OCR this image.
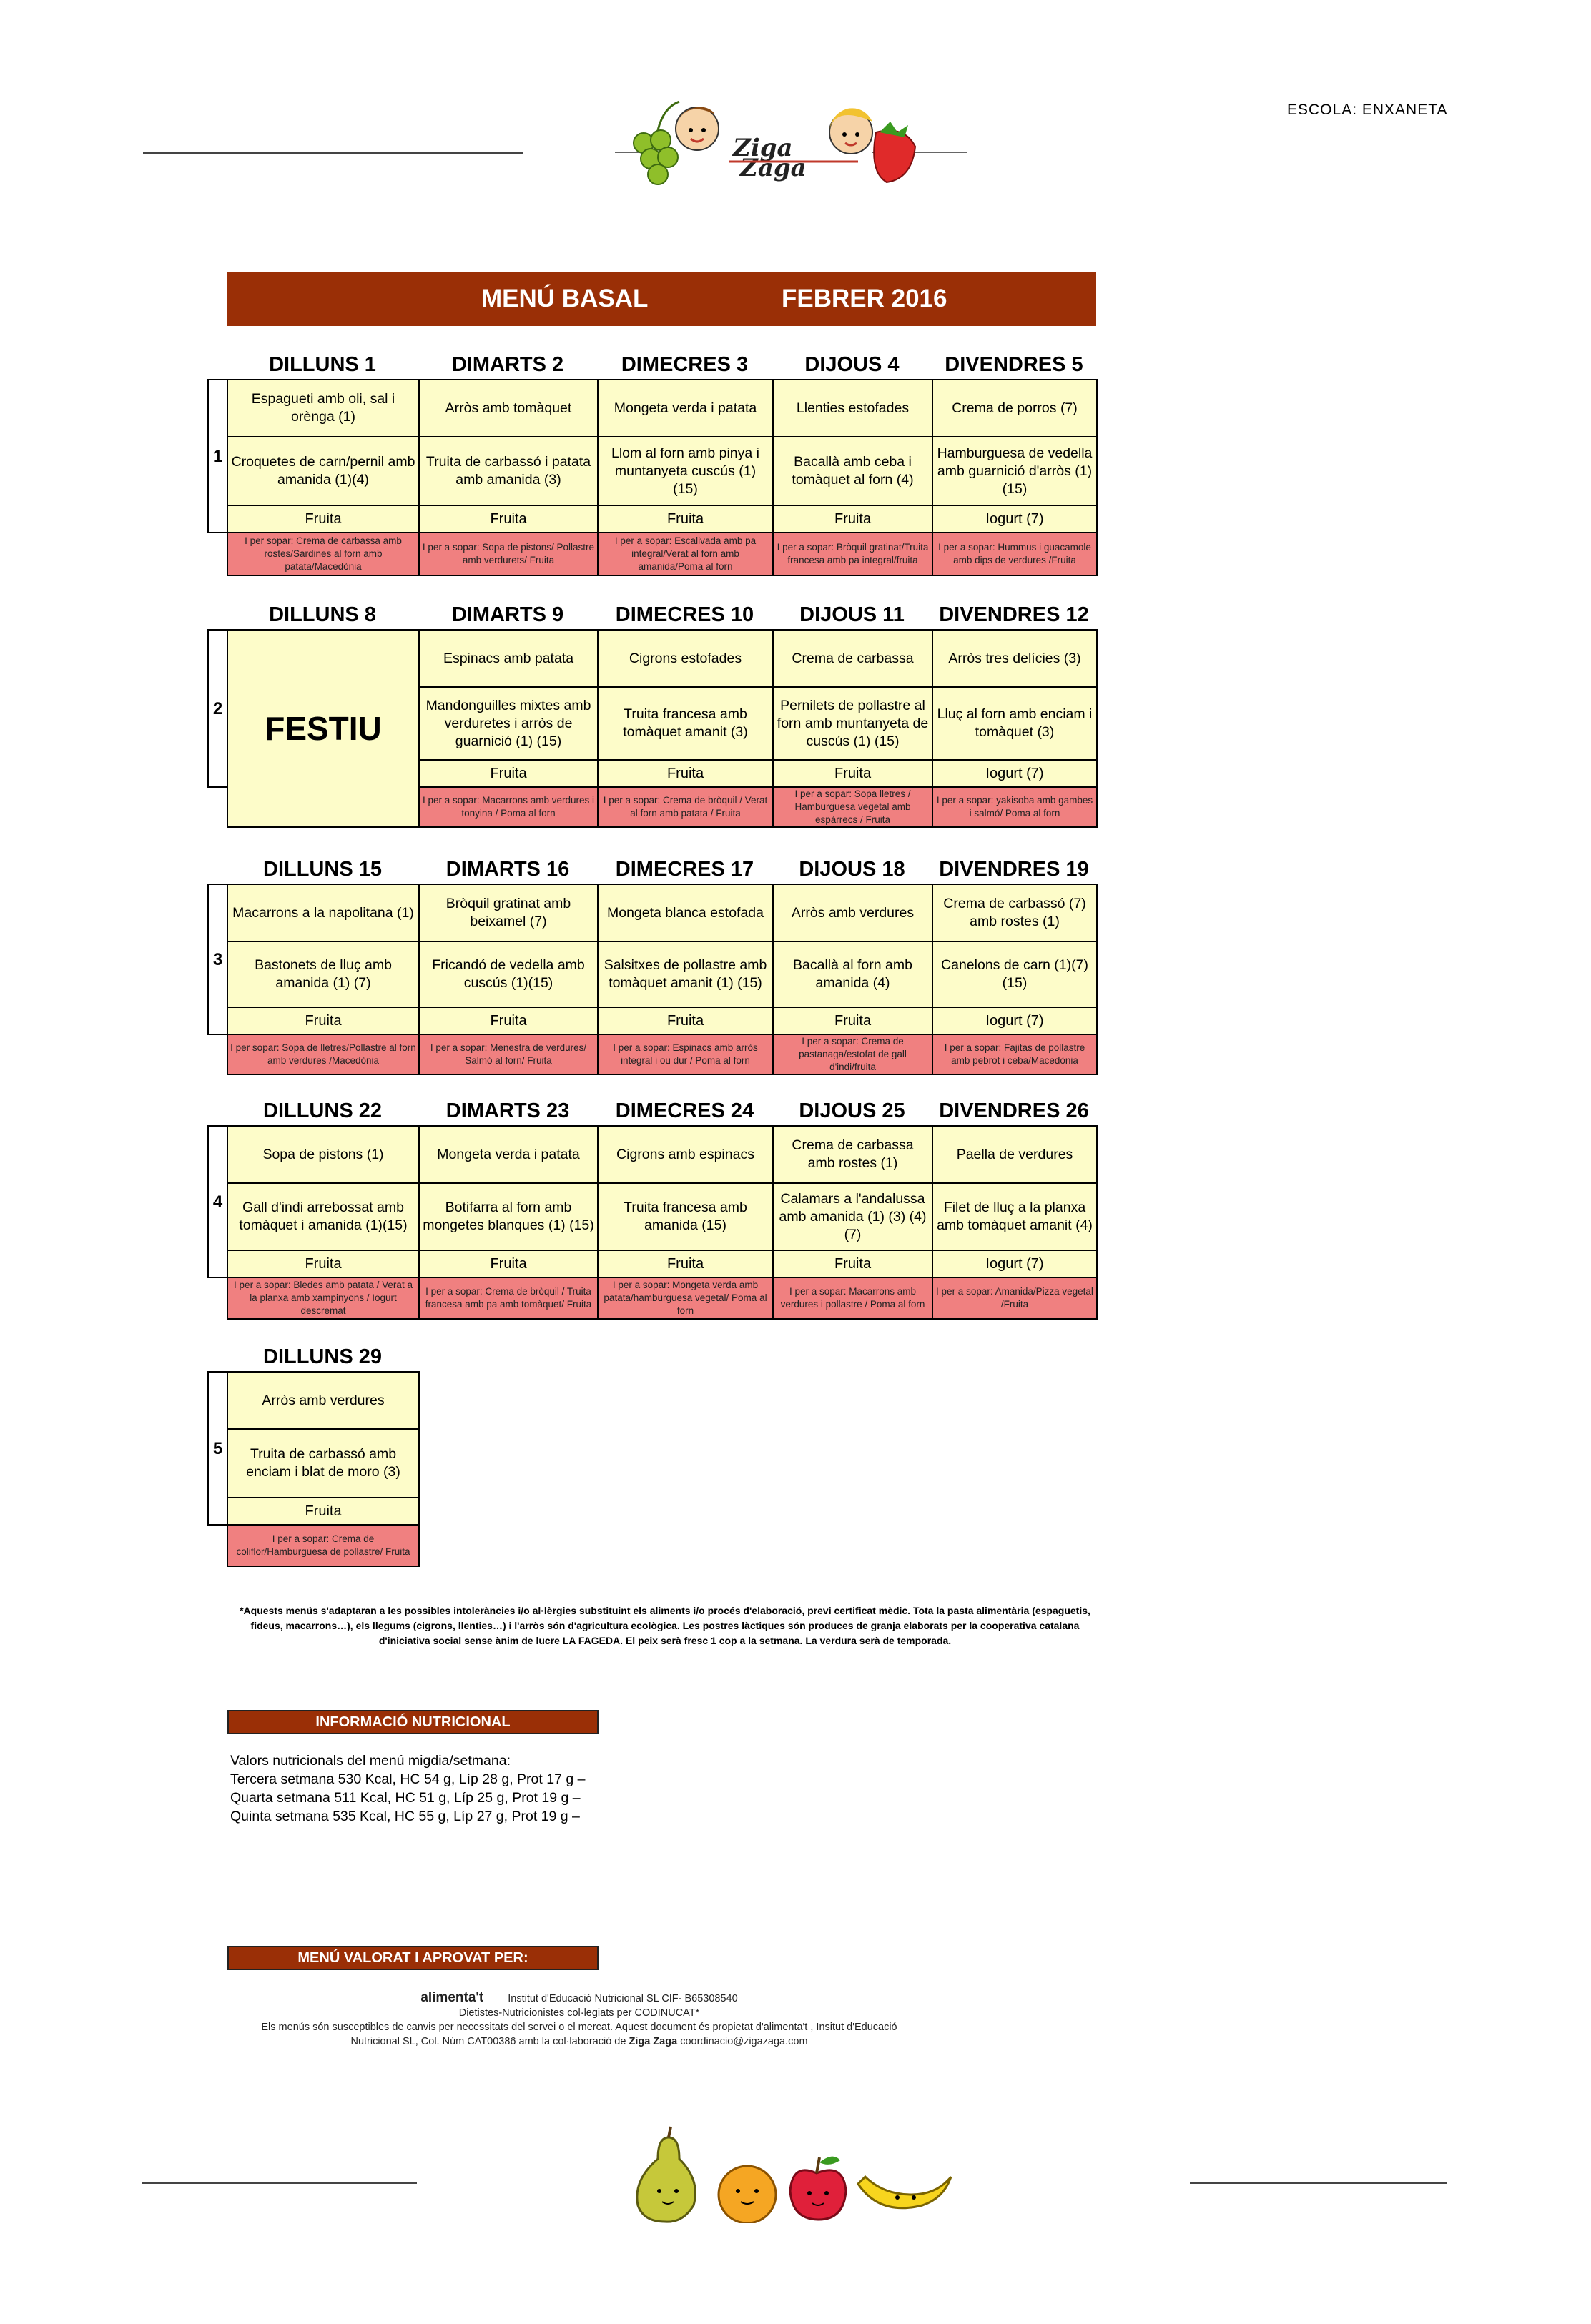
ESCOLA: ENXANETA
Ziga
Zaga
MENÚ BASAL	FEBRER 2016
DILLUNS 1	DIMARTS 2	DIMECRES 3	DIJOUS 4	DIVENDRES 5
1	Espagueti amb oli, sal i orènga (1)	Arròs amb tomàquet	Mongeta verda i patata	Llenties estofades	Crema de porros (7)
	Croquetes de carn/pernil amb amanida (1)(4)	Truita de carbassó i patata amb amanida (3)	Llom al forn amb pinya i muntanyeta cuscús (1) (15)	Bacallà amb ceba i tomàquet al forn (4)	Hamburguesa de vedella amb guarnició d'arròs (1) (15)
	Fruita	Fruita	Fruita	Fruita	Iogurt (7)
	I per sopar: Crema de carbassa amb rostes/Sardines al forn amb patata/Macedònia	I per a sopar: Sopa de pistons/ Pollastre amb verdurets/ Fruita	I per a sopar: Escalivada amb pa integral/Verat al forn amb amanida/Poma al forn	I per a sopar: Bròquil gratinat/Truita francesa amb pa integral/fruita	I per a sopar: Hummus i guacamole amb dips de verdures /Fruita
DILLUNS 8	DIMARTS 9	DIMECRES 10	DIJOUS 11	DIVENDRES 12
2	FESTIU	Espinacs amb patata	Cigrons estofades	Crema de carbassa	Arròs tres delícies (3)
		Mandonguilles mixtes amb verduretes i arròs de guarnició (1) (15)	Truita francesa amb tomàquet amanit (3)	Pernilets de pollastre al forn amb muntanyeta de cuscús (1) (15)	Lluç al forn amb enciam i tomàquet (3)
		Fruita	Fruita	Fruita	Iogurt (7)
		I per a sopar: Macarrons amb verdures i tonyina / Poma al forn	I per a sopar: Crema de bròquil / Verat al forn amb patata / Fruita	I per a sopar: Sopa lletres / Hamburguesa vegetal amb espàrrecs / Fruita	I per a sopar: yakisoba amb gambes i salmó/ Poma al forn
DILLUNS 15	DIMARTS 16	DIMECRES 17	DIJOUS 18	DIVENDRES 19
3	Macarrons a la napolitana (1)	Bròquil gratinat amb beixamel (7)	Mongeta blanca estofada	Arròs amb verdures	Crema de carbassó (7) amb rostes (1)
	Bastonets de lluç amb amanida (1) (7)	Fricandó de vedella amb cuscús (1)(15)	Salsitxes de pollastre amb tomàquet amanit (1) (15)	Bacallà al forn amb amanida (4)	Canelons de carn (1)(7)(15)
	Fruita	Fruita	Fruita	Fruita	Iogurt (7)
	I per sopar: Sopa de lletres/Pollastre al forn amb verdures /Macedònia	I per a sopar: Menestra de verdures/ Salmó al forn/ Fruita	I per a sopar: Espinacs amb arròs integral i ou dur / Poma al forn	I per a sopar: Crema de pastanaga/estofat de gall d'indi/fruita	I per a sopar: Fajitas de pollastre amb pebrot i ceba/Macedònia
DILLUNS 22	DIMARTS 23	DIMECRES 24	DIJOUS 25	DIVENDRES 26
4	Sopa de pistons (1)	Mongeta verda i patata	Cigrons amb espinacs	Crema de carbassa amb rostes (1)	Paella de verdures
	Gall d'indi arrebossat amb tomàquet i amanida (1)(15)	Botifarra al forn amb mongetes blanques (1) (15)	Truita francesa amb amanida (15)	Calamars a l'andalussa amb amanida (1) (3) (4) (7)	Filet de lluç a la planxa amb tomàquet amanit (4)
	Fruita	Fruita	Fruita	Fruita	Iogurt (7)
	I per a sopar: Bledes amb patata / Verat a la planxa amb xampinyons / Iogurt descremat	I per a sopar: Crema de bròquil / Truita francesa amb pa amb tomàquet/ Fruita	I per a sopar: Mongeta verda amb patata/hamburguesa vegetal/ Poma al forn	I per a sopar: Macarrons amb verdures i pollastre / Poma al forn	I per a sopar: Amanida/Pizza vegetal /Fruita
DILLUNS 29
5	Arròs amb verdures
	Truita de carbassó amb enciam i blat de moro (3)
	Fruita
	I per a sopar: Crema de coliflor/Hamburguesa de pollastre/ Fruita
*Aquests menús s'adaptaran a les possibles intoleràncies i/o al·lèrgies substituint els aliments i/o procés d'elaboració, previ certificat mèdic. Tota la pasta alimentària (espaguetis, fideus, macarrons…), els llegums (cigrons, llenties…) i l'arròs són d'agricultura ecològica. Les postres làctiques són produces de granja elaborats per la cooperativa catalana d'iniciativa social sense ànim de lucre LA FAGEDA. El peix serà fresc 1 cop a la setmana. La verdura serà de temporada.
INFORMACIÓ NUTRICIONAL
Valors nutricionals del menú migdia/setmana:
Tercera setmana 530 Kcal, HC 54 g, Líp 28 g, Prot 17 g –
Quarta setmana 511 Kcal, HC 51 g, Líp 25 g, Prot 19 g –
Quinta setmana 535 Kcal, HC 55 g, Líp 27 g, Prot 19 g –
MENÚ VALORAT I APROVAT PER:
alimenta't Institut d'Educació Nutricional SL CIF- B65308540
Dietistes-Nutricionistes col·legiats per CODINUCAT*
Els menús són susceptibles de canvis per necessitats del servei o el mercat. Aquest document és propietat d'alimenta't , Insitut d'Educació
Nutricional SL, Col. Núm CAT00386 amb la col·laboració de Ziga Zaga coordinacio@zigazaga.com
